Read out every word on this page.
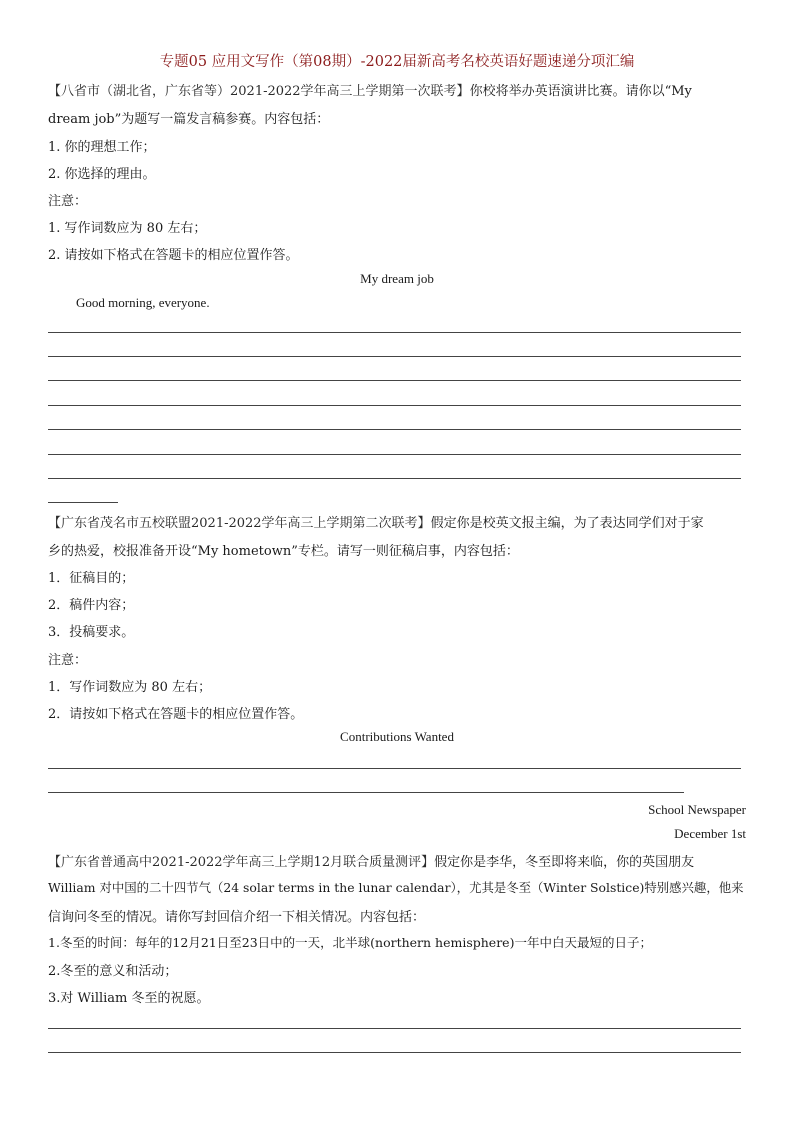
专题05 应用文写作（第08期）-2022届新高考名校英语好题速递分项汇编
【八省市（湖北省，广东省等）2021-2022学年高三上学期第一次联考】你校将举办英语演讲比赛。请你以“My
dream job”为题写一篇发言稿参赛。内容包括：
1. 你的理想工作；
2. 你选择的理由。
注意：
1. 写作词数应为 80 左右；
2. 请按如下格式在答题卡的相应位置作答。
My dream job
Good morning, everyone.
【广东省茂名市五校联盟2021-2022学年高三上学期第二次联考】假定你是校英文报主编，为了表达同学们对于家
乡的热爱，校报准备开设“My hometown”专栏。请写一则征稿启事，内容包括：
1．征稿目的；
2．稿件内容；
3．投稿要求。
注意：
1．写作词数应为 80 左右；
2．请按如下格式在答题卡的相应位置作答。
Contributions Wanted
School Newspaper
December 1st
【广东省普通高中2021-2022学年高三上学期12月联合质量测评】假定你是李华，冬至即将来临，你的英国朋友
William 对中国的二十四节气（24 solar terms in the lunar calendar），尤其是冬至（Winter Solstice)特别感兴趣，他来
信询问冬至的情况。请你写封回信介绍一下相关情况。内容包括：
1.冬至的时间：每年的12月21日至23日中的一天，北半球(northern hemisphere)一年中白天最短的日子；
2.冬至的意义和活动；
3.对 William 冬至的祝愿。
